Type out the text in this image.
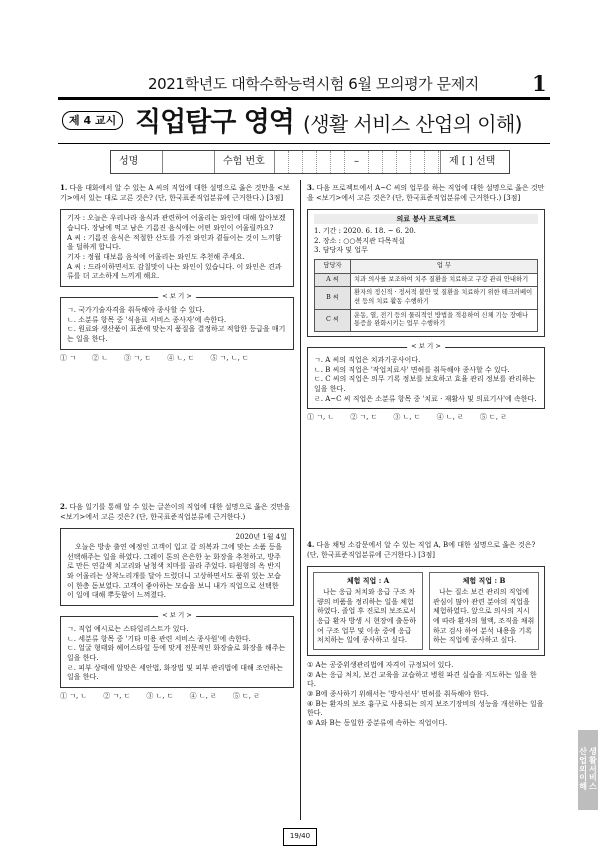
2021학년도 대학수학능력시험 6월 모의평가 문제지	1
제 4 교시 직업탐구 영역 (생활 서비스 산업의 이해)
성명	수험 번호	–	제 [ ] 선택

1. 다음 대화에서 알 수 있는 A 씨의 직업에 대한 설명으로 옳은 것만을 <보기>에서 있는 대로 고른 것은? (단, 한국표준직업분류에 근거한다.) [3점]

기자 : 오늘은 우리나라 음식과 관련하여 어울리는 와인에 대해 알아보겠습니다. 장남에 먹고 남은 기름진 음식에는 어떤 와인이 어울릴까요?

A 씨 : 기름진 음식은 적절한 산도를 가진 와인과 곁들이는 것이 느끼함을 덜하게 합니다.

기자 : 정월 대보름 음식에 어울리는 와인도 추천해 주세요.

A 씨 : 드라이하면서도 감칠맛이 나는 와인이 있습니다. 이 와인은 견과류를 더 고소하게 느끼게 해요.

< 보 기 >

ㄱ. 국가기술자격을 취득해야 종사할 수 있다.

ㄴ. 소분류 항목 중 '식음료 서비스 종사자'에 속한다.

ㄷ. 원료와 생산품이 표준에 맞는지 품질을 결정하고 적합한 등급을 매기는 일을 한다.

① ㄱ ② ㄴ ③ ㄱ, ㄷ ④ ㄴ, ㄷ ⑤ ㄱ, ㄴ, ㄷ

2. 다음 일기를 통해 알 수 있는 글쓴이의 직업에 대한 설명으로 옳은 것만을 <보기>에서 고른 것은? (단, 한국표준직업분류에 근거한다.)

2020년 1월 4일

오늘은 방송 출연 예정인 고객이 입고 갈 의복과 그에 맞는 소품 등을 선택해주는 일을 하였다. 그레이 톤의 은은한 눈 화장을 추천하고, 방주로 만든 연갈색 치고리와 남청색 치마를 골라 주었다. 타원형의 옥 반지와 어울리는 상착노리개를 달아 드렸더니 고상하면서도 품위 있는 모습이 한층 돋보였다. 고객이 좋아하는 모습을 보니 내가 직업으로 선택한 이 일에 대해 뿌듯함이 느껴졌다.

< 보 기 >

ㄱ. 직업 예시로는 스타일리스트가 있다.

ㄴ. 세분류 항목 중 '기타 미용 관련 서비스 종사원'에 속한다.

ㄷ. 얼굴 형태와 헤어스타일 등에 맞게 전문적인 화장술로 화장을 해주는 일을 한다.

ㄹ. 피부 상태에 알맞은 세안법, 화장법 및 피부 관리법에 대해 조언하는 일을 한다.

① ㄱ, ㄴ ② ㄱ, ㄷ ③ ㄴ, ㄷ ④ ㄴ, ㄹ ⑤ ㄷ, ㄹ

3. 다음 프로젝트에서 A~C 씨의 업무를 하는 직업에 대한 설명으로 옳은 것만을 <보기>에서 고른 것은? (단, 한국표준직업분류에 근거한다.) [3점]

의료 봉사 프로젝트

1. 기간 : 2020. 6. 18. ~ 6. 20.

2. 장소 : ○○복지관 다목적실

3. 담당자 및 업무

담당자	업 무
A 씨	치과 의사를 보조하여 치주 질환을 치료하고 구강 관리 안내하기
B 씨	환자의 정신적 · 정서적 불안 및 질환을 치료하기 위한 테크러베이션 등의 치료 활동 수행하기
C 씨	운동, 열, 전기 등의 물리적인 방법을 적용하여 신체 기능 장애나 통증을 완화시키는 업무 수행하기
< 보 기 >

ㄱ. A 씨의 직업은 치과기공사이다.

ㄴ. B 씨의 직업은 '작업치료사' 면허를 취득해야 종사할 수 있다.

ㄷ. C 씨의 직업은 의무 기록 정보를 보호하고 효율 관리 정보를 관리하는 일을 한다.

ㄹ. A~C 씨 직업은 소분류 항목 중 '치료 · 재활사 및 의료기사'에 속한다.

① ㄱ, ㄴ ② ㄱ, ㄷ ③ ㄴ, ㄷ ④ ㄴ, ㄹ ⑤ ㄷ, ㄹ

4. 다음 채팅 소감문에서 알 수 있는 직업 A, B에 대한 설명으로 옳은 것은? (단, 한국표준직업분류에 근거한다.) [3점]

체험 직업 : A

나는 응급 처치와 응급 구조 차량의 비품을 정리하는 일을 체험하였다. 졸업 후 진로의 보조로서 응급 환자 방생 시 현장에 출동하여 구조 업무 및 이송 중에 응급 처치하는 일에 종사하고 싶다.

체험 직업 : B

나는 질소 보건 관리의 직업에 관심이 많아 관련 분야의 직업을 체험하였다. 앞으로 의사의 지시에 따라 환자의 혈액, 조직을 채취하고 검사 하여 분석 내용을 기록하는 직업에 종사하고 싶다.

① A는 공중위생관리법에 자격이 규정되어 있다.

② A는 응급 처치, 보건 교육을 교습하고 병원 파견 실습을 지도하는 일을 한다.

③ B에 종사하기 위해서는 '방사선사' 면허를 취득해야 한다.

④ B는 환자의 보조 흉구로 사용되는 의지 보조기장비의 성능을 개선하는 일을 한다.

⑤ A와 B는 동일한 중분류에 속하는 직업이다.

19 / 40
산
업
의
이
해
생
활
서
비
스
